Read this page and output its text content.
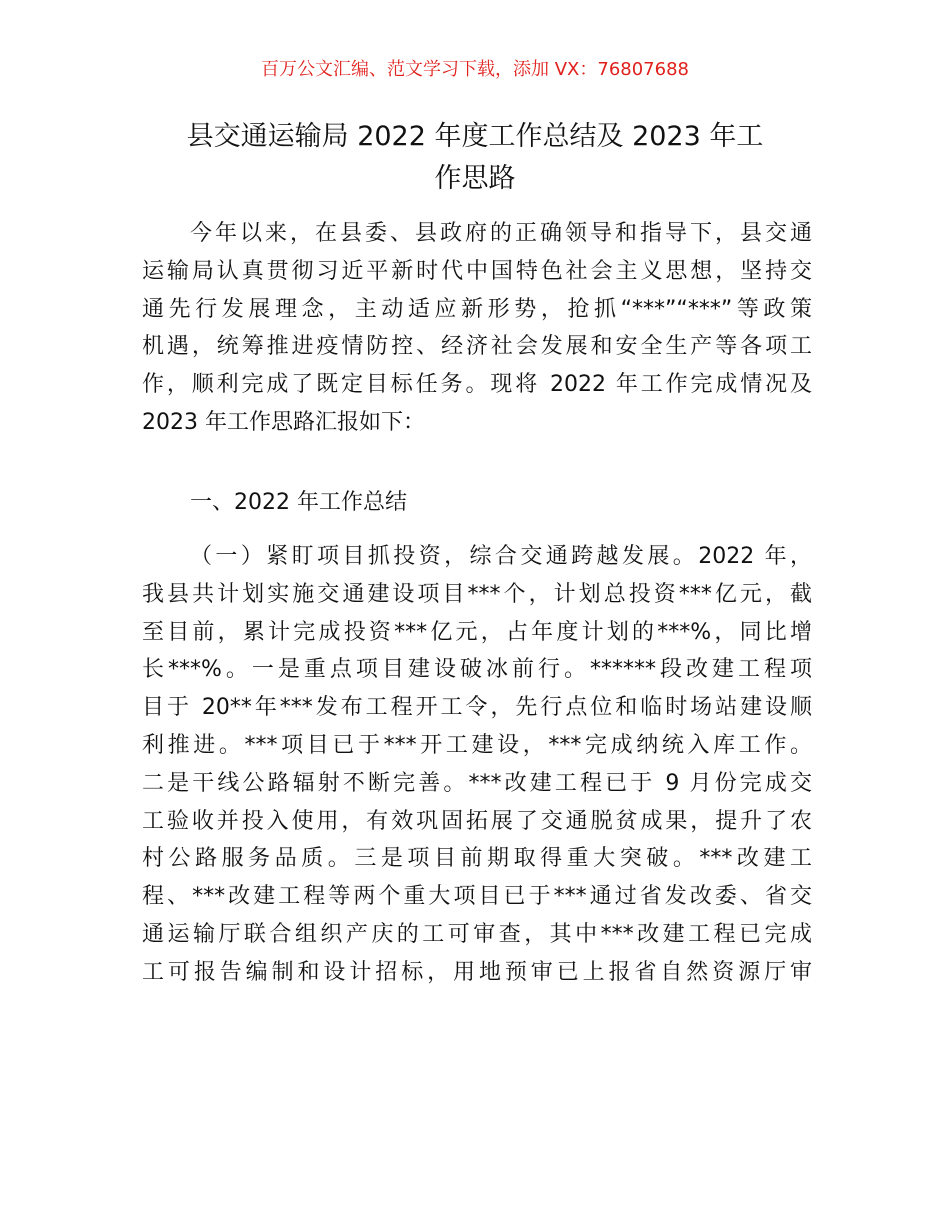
百万公文汇编、范文学习下载，添加 VX：76807688
县交通运输局 2022 年度工作总结及 2023 年工
作思路
今年以来，在县委、县政府的正确领导和指导下，县交通
运输局认真贯彻习近平新时代中国特色社会主义思想，坚持交
通先行发展理念，主动适应新形势，抢抓“***”“***”等政策
机遇，统筹推进疫情防控、经济社会发展和安全生产等各项工
作，顺利完成了既定目标任务。现将 2022 年工作完成情况及
2023 年工作思路汇报如下：
一、2022 年工作总结
（一）紧盯项目抓投资，综合交通跨越发展。2022 年，
我县共计划实施交通建设项目***个，计划总投资***亿元，截
至目前，累计完成投资***亿元，占年度计划的***%，同比增
长***%。一是重点项目建设破冰前行。******段改建工程项
目于 20**年***发布工程开工令，先行点位和临时场站建设顺
利推进。***项目已于***开工建设，***完成纳统入库工作。
二是干线公路辐射不断完善。***改建工程已于 9 月份完成交
工验收并投入使用，有效巩固拓展了交通脱贫成果，提升了农
村公路服务品质。三是项目前期取得重大突破。***改建工
程、***改建工程等两个重大项目已于***通过省发改委、省交
通运输厅联合组织产庆的工可审查，其中***改建工程已完成
工可报告编制和设计招标，用地预审已上报省自然资源厅审
